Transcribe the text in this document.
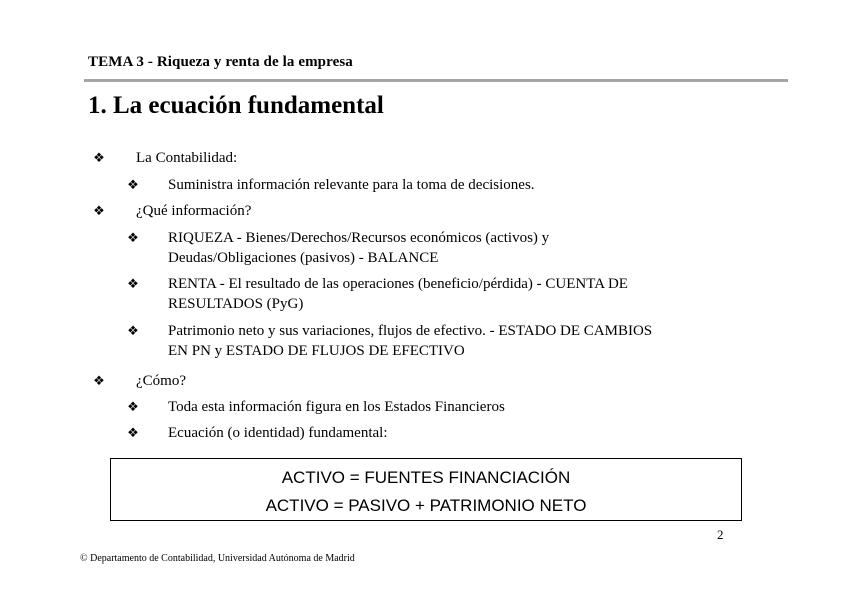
TEMA 3 - Riqueza y renta de la empresa
1. La ecuación fundamental
❖ La Contabilidad:
❖ Suministra información relevante para la toma de decisiones.
❖ ¿Qué información?
❖ RIQUEZA - Bienes/Derechos/Recursos económicos (activos) y
Deudas/Obligaciones (pasivos) - BALANCE
❖ RENTA - El resultado de las operaciones (beneficio/pérdida) - CUENTA DE
RESULTADOS (PyG)
❖ Patrimonio neto y sus variaciones, flujos de efectivo. - ESTADO DE CAMBIOS
EN PN y ESTADO DE FLUJOS DE EFECTIVO
❖ ¿Cómo?
❖ Toda esta información figura en los Estados Financieros
❖ Ecuación (o identidad) fundamental:
ACTIVO = FUENTES FINANCIACIÓN
ACTIVO = PASIVO + PATRIMONIO NETO
2
© Departamento de Contabilidad, Universidad Autónoma de Madrid
